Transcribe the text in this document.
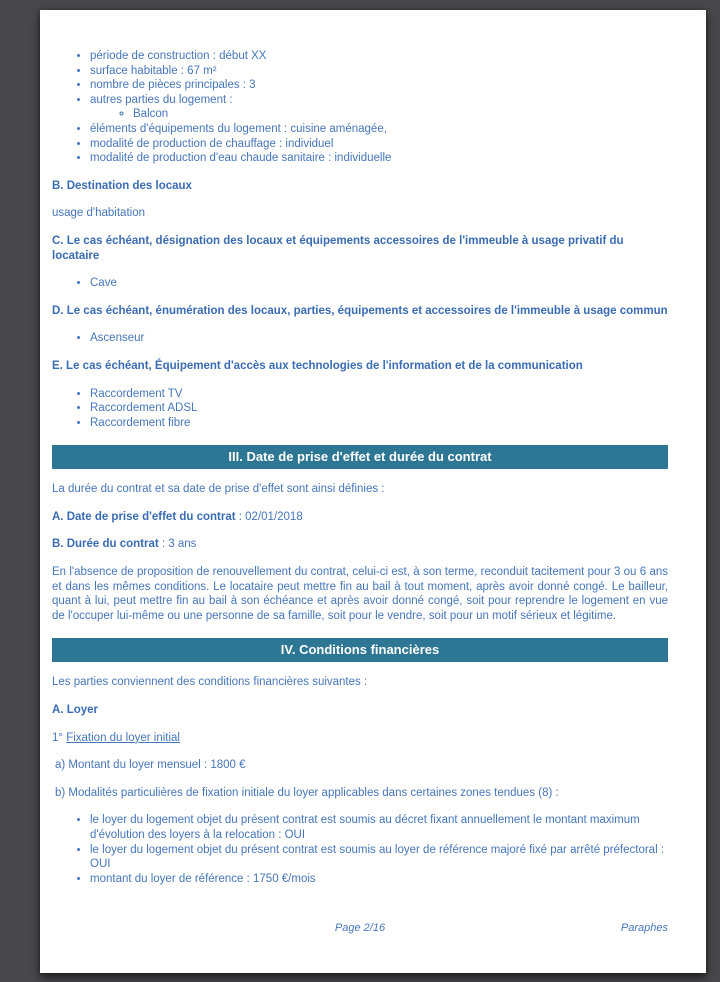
• période de construction : début XX
• surface habitable : 67 m²
• nombre de pièces principales : 3
• autres parties du logement :
◦ Balcon
• éléments d'équipements du logement : cuisine aménagée,
• modalité de production de chauffage : individuel
• modalité de production d'eau chaude sanitaire : individuelle
B. Destination des locaux

usage d'habitation

C. Le cas échéant, désignation des locaux et équipements accessoires de l'immeuble à usage privatif du locataire
• Cave
D. Le cas échéant, énumération des locaux, parties, équipements et accessoires de l'immeuble à usage commun
• Ascenseur
E. Le cas échéant, Équipement d'accès aux technologies de l'information et de la communication
• Raccordement TV
• Raccordement ADSL
• Raccordement fibre
III. Date de prise d'effet et durée du contrat

La durée du contrat et sa date de prise d'effet sont ainsi définies :

A. Date de prise d'effet du contrat : 02/01/2018

B. Durée du contrat : 3 ans

En l'absence de proposition de renouvellement du contrat, celui-ci est, à son terme, reconduit tacitement pour 3 ou 6 ans et dans les mêmes conditions. Le locataire peut mettre fin au bail à tout moment, après avoir donné congé. Le bailleur, quant à lui, peut mettre fin au bail à son échéance et après avoir donné congé, soit pour reprendre le logement en vue de l'occuper lui-même ou une personne de sa famille, soit pour le vendre, soit pour un motif sérieux et légitime.

IV. Conditions financières

Les parties conviennent des conditions financières suivantes :

A. Loyer

1° Fixation du loyer initial

a) Montant du loyer mensuel : 1800 €

b) Modalités particulières de fixation initiale du loyer applicables dans certaines zones tendues (8) :

• le loyer du logement objet du présent contrat est soumis au décret fixant annuellement le montant maximum d'évolution des loyers à la relocation : OUI
• le loyer du logement objet du présent contrat est soumis au loyer de référence majoré fixé par arrêté préfectoral : OUI
• montant du loyer de référence : 1750 €/mois
Page 2/16	Paraphes
